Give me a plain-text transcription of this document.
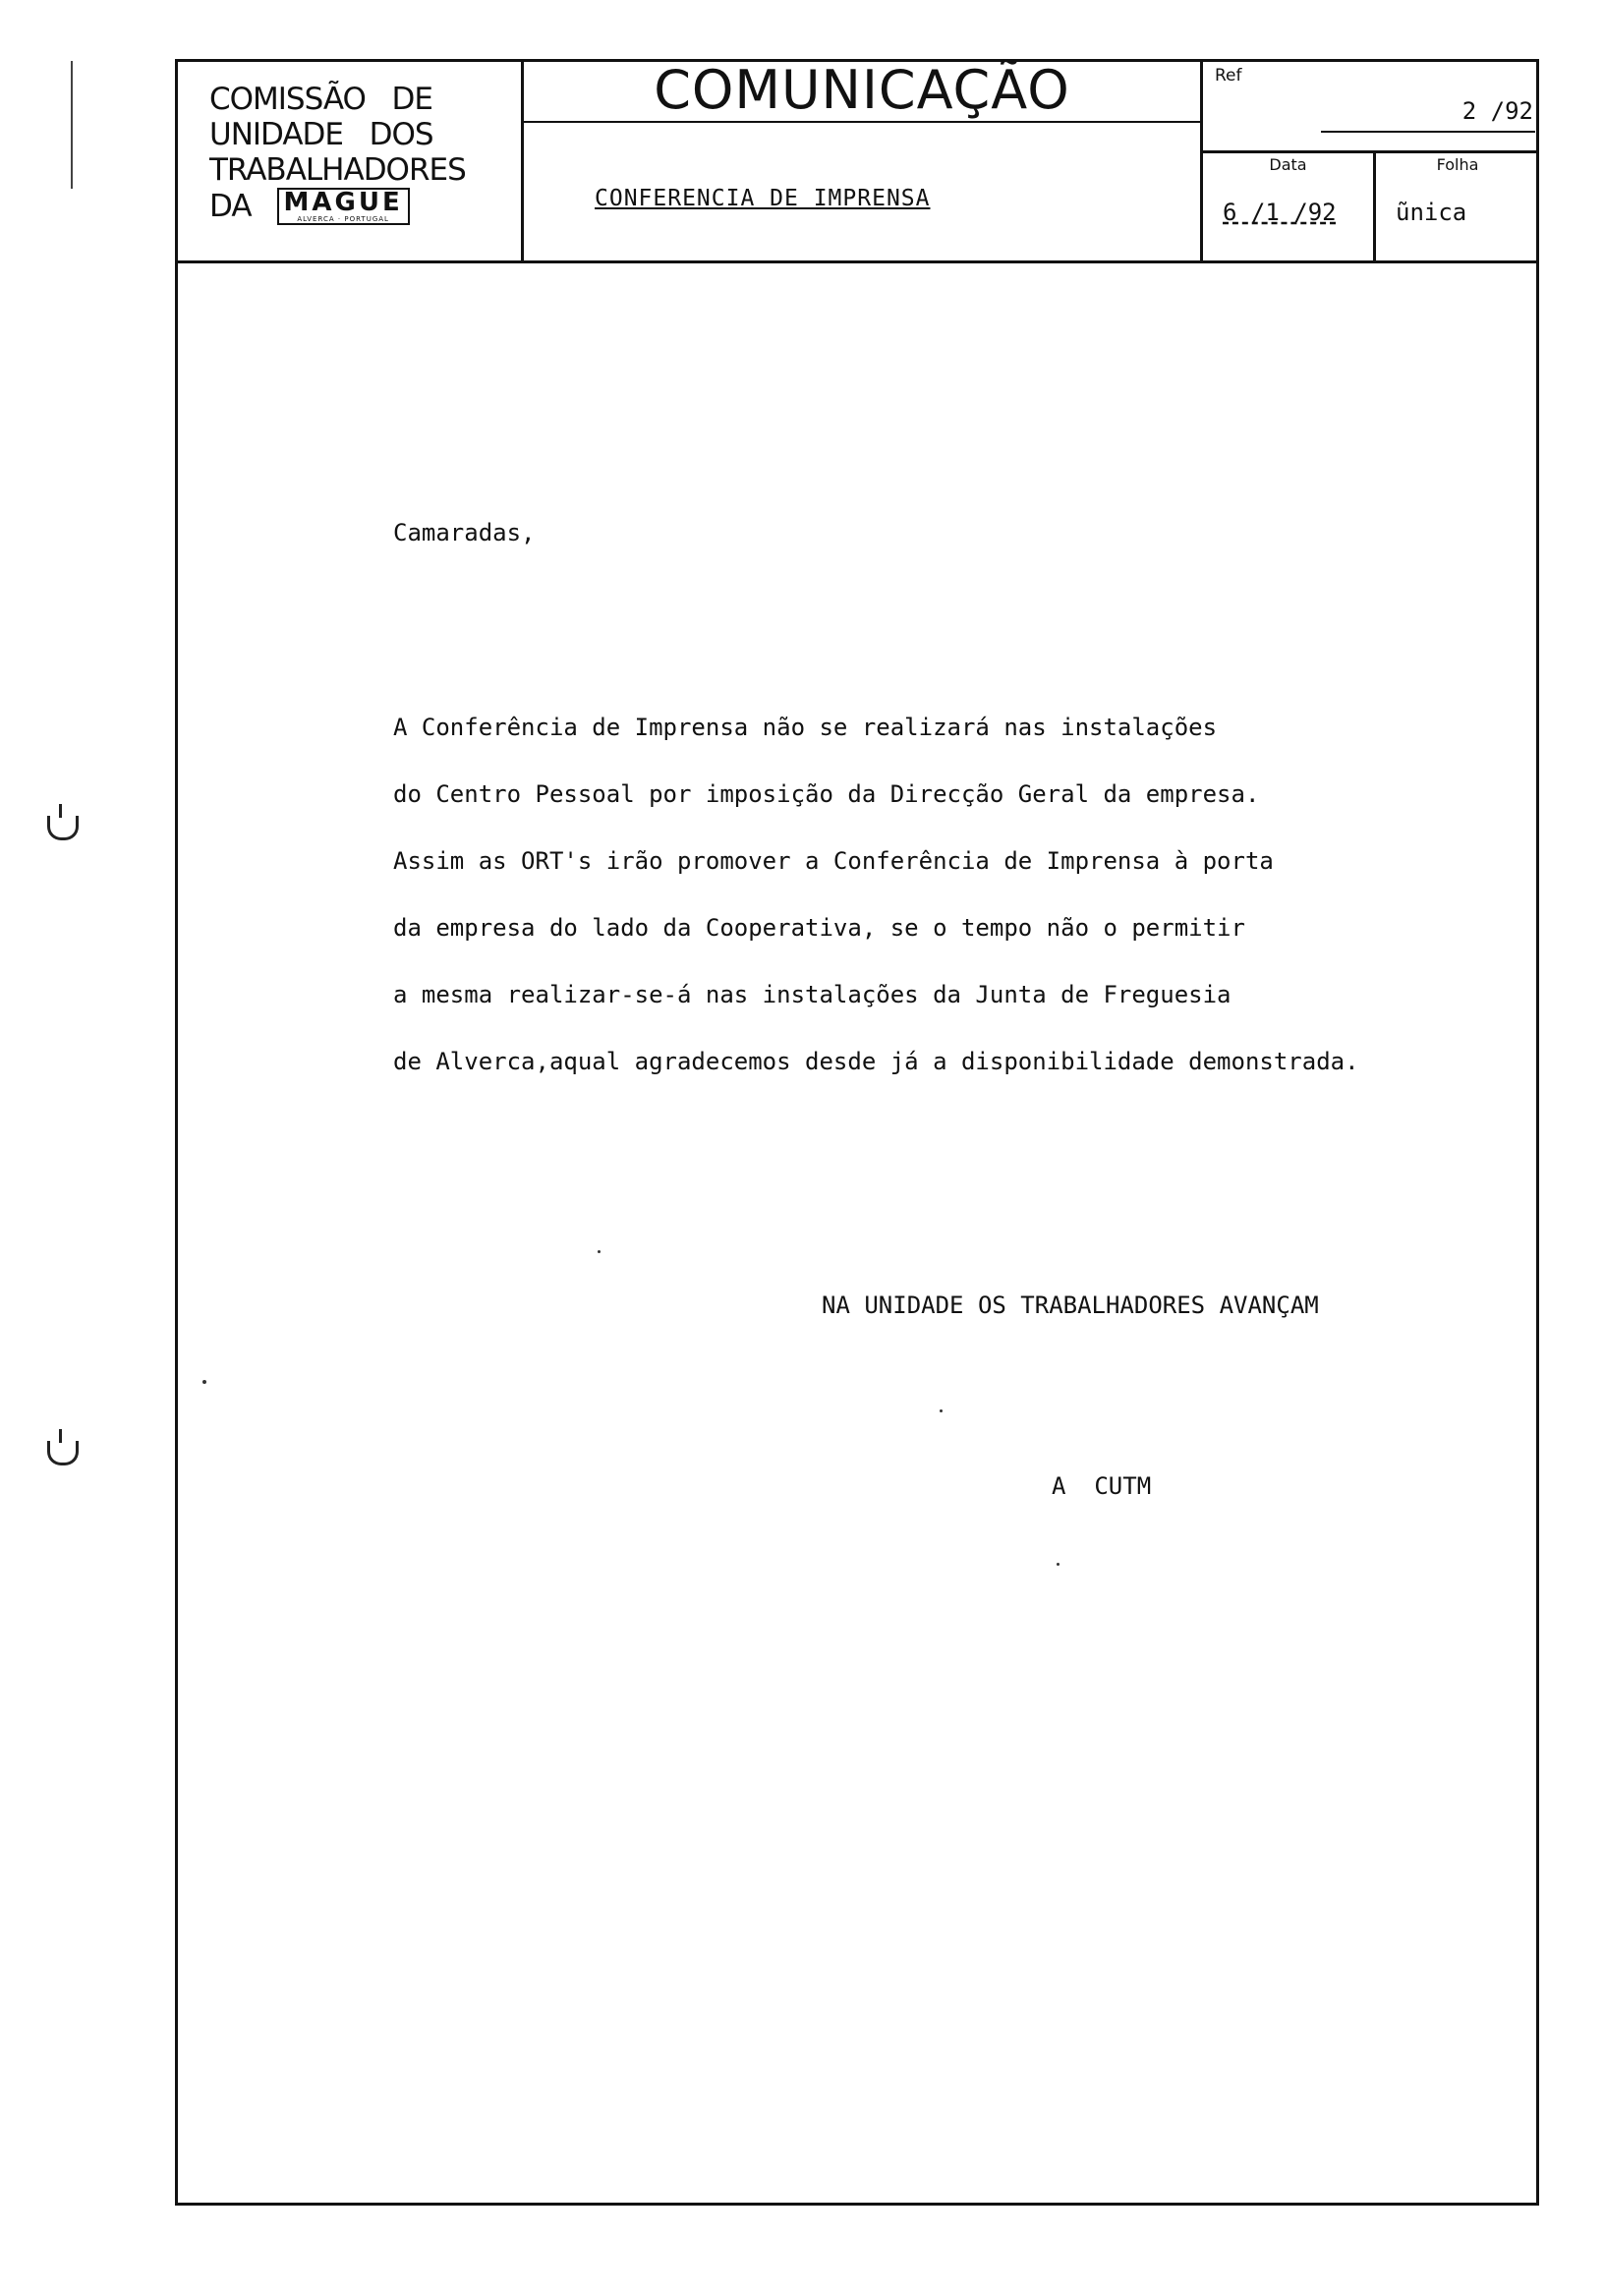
COMISSÃO   DE
UNIDADE   DOS
TRABALHADORES
DA MAGUE
ALVERCA · PORTUGAL
COMUNICAÇÃO
CONFERENCIA DE IMPRENSA
Ref
2 /92
Data
6 /1 /92
Folha
ũnica
Camaradas,
A Conferência de Imprensa não se realizará nas instalações
do Centro Pessoal por imposição da Direcção Geral da empresa.
Assim as ORT's irão promover a Conferência de Imprensa à porta
da empresa do lado da Cooperativa, se o tempo não o permitir
a mesma realizar-se-á nas instalações da Junta de Freguesia
de Alverca,aqual agradecemos desde já a disponibilidade demonstrada.
NA UNIDADE OS TRABALHADORES AVANÇAM
A  CUTM
